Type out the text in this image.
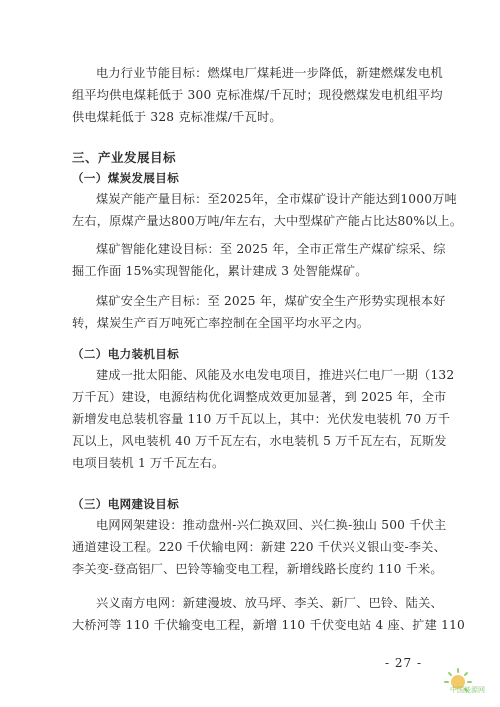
电力行业节能目标：燃煤电厂煤耗进一步降低，新建燃煤发电机
组平均供电煤耗低于 300 克标准煤/千瓦时；现役燃煤发电机组平均
供电煤耗低于 328 克标准煤/千瓦时。

三、产业发展目标
（一）煤炭发展目标

煤炭产能产量目标：至2025年，全市煤矿设计产能达到1000万吨
左右，原煤产量达800万吨/年左右，大中型煤矿产能占比达80%以上。

煤矿智能化建设目标：至 2025 年，全市正常生产煤矿综采、综
掘工作面 15%实现智能化，累计建成 3 处智能煤矿。

煤矿安全生产目标：至 2025 年，煤矿安全生产形势实现根本好
转，煤炭生产百万吨死亡率控制在全国平均水平之内。

（二）电力装机目标

建成一批太阳能、风能及水电发电项目，推进兴仁电厂一期（132
万千瓦）建设，电源结构优化调整成效更加显著，到 2025 年，全市
新增发电总装机容量 110 万千瓦以上，其中：光伏发电装机 70 万千
瓦以上，风电装机 40 万千瓦左右，水电装机 5 万千瓦左右，瓦斯发
电项目装机 1 万千瓦左右。

（三）电网建设目标

电网网架建设：推动盘州-兴仁换双回、兴仁换-独山 500 千伏主
通道建设工程。220 千伏输电网：新建 220 千伏兴义银山变-李关、
李关变-登高铝厂、巴铃等输变电工程，新增线路长度约 110 千米。

兴义南方电网：新建漫坡、放马坪、李关、新厂、巴铃、陆关、
大桥河等 110 千伏输变电工程，新增 110 千伏变电站 4 座、扩建 110

- 27 -
中国能源网
